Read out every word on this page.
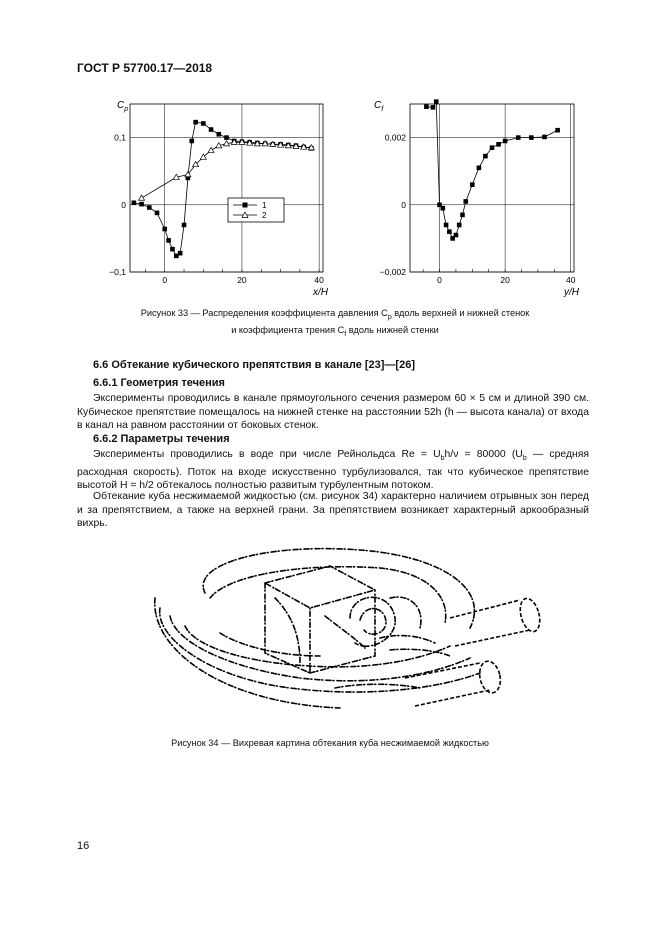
ГОСТ Р 57700.17—2018
0	20	40
−0,1
0
0,1
$C_p$
x/H
1
2
0	20	40
−0,002
0
0,002
$C_f$
y/H
Рисунок 33 — Распределения коэффициента давления $C_p$ вдоль верхней и нижней стенок
и коэффициента трения $C_f$ вдоль нижней стенки
6.6 Обтекание кубического препятствия в канале [23]—[26]
6.6.1 Геометрия течения
Эксперименты проводились в канале прямоугольного сечения размером 60 × 5 см и длиной 390 см. Кубическое препятствие помещалось на нижней стенке на расстоянии 52h (h — высота канала) от входа в канал на равном расстоянии от боковых стенок.
6.6.2 Параметры течения
Эксперименты проводились в воде при числе Рейнольдса $Re = U_bh/\nu = 80000$ ($U_b$ — средняя расходная скорость). Поток на входе искусственно турбулизовался, так что кубическое препятствие высотой H = h/2 обтекалось полностью развитым турбулентным потоком.
Обтекание куба несжимаемой жидкостью (см. рисунок 34) характерно наличием отрывных зон перед и за препятствием, а также на верхней грани. За препятствием возникает характерный аркообразный вихрь.
Рисунок 34 — Вихревая картина обтекания куба несжимаемой жидкостью
16
